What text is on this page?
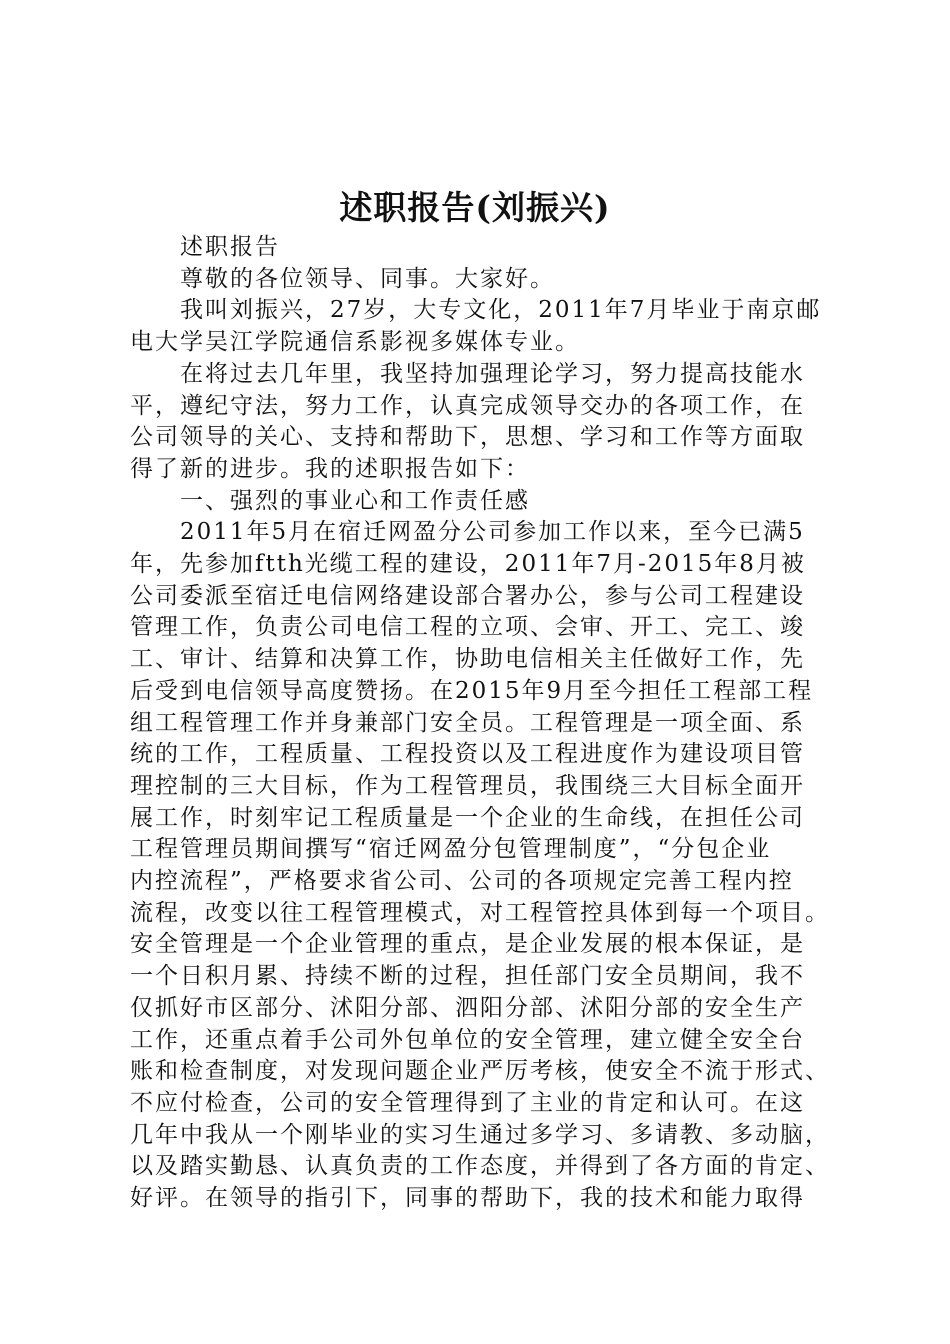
述职报告(刘振兴)
述职报告
尊敬的各位领导、同事。大家好。
我叫刘振兴，27岁，大专文化，2011年7月毕业于南京邮
电大学吴江学院通信系影视多媒体专业。
在将过去几年里，我坚持加强理论学习，努力提高技能水
平，遵纪守法，努力工作，认真完成领导交办的各项工作，在
公司领导的关心、支持和帮助下，思想、学习和工作等方面取
得了新的进步。我的述职报告如下：
一、强烈的事业心和工作责任感
2011年5月在宿迁网盈分公司参加工作以来，至今已满5
年，先参加ftth光缆工程的建设，2011年7月-2015年8月被
公司委派至宿迁电信网络建设部合署办公，参与公司工程建设
管理工作，负责公司电信工程的立项、会审、开工、完工、竣
工、审计、结算和决算工作，协助电信相关主任做好工作，先
后受到电信领导高度赞扬。在2015年9月至今担任工程部工程
组工程管理工作并身兼部门安全员。工程管理是一项全面、系
统的工作，工程质量、工程投资以及工程进度作为建设项目管
理控制的三大目标，作为工程管理员，我围绕三大目标全面开
展工作，时刻牢记工程质量是一个企业的生命线，在担任公司
工程管理员期间撰写“宿迁网盈分包管理制度”，“分包企业
内控流程”，严格要求省公司、公司的各项规定完善工程内控
流程，改变以往工程管理模式，对工程管控具体到每一个项目。
安全管理是一个企业管理的重点，是企业发展的根本保证，是
一个日积月累、持续不断的过程，担任部门安全员期间，我不
仅抓好市区部分、沭阳分部、泗阳分部、沭阳分部的安全生产
工作，还重点着手公司外包单位的安全管理，建立健全安全台
账和检查制度，对发现问题企业严厉考核，使安全不流于形式、
不应付检查，公司的安全管理得到了主业的肯定和认可。在这
几年中我从一个刚毕业的实习生通过多学习、多请教、多动脑，
以及踏实勤恳、认真负责的工作态度，并得到了各方面的肯定、
好评。在领导的指引下，同事的帮助下，我的技术和能力取得
